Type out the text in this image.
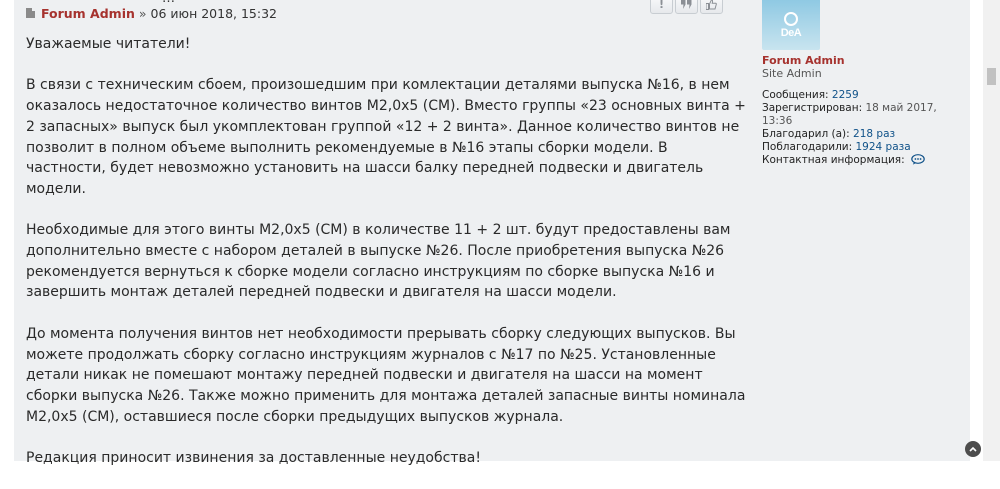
Forum Admin » 06 июн 2018, 15:32
!

Уважаемые читатели!

В связи с техническим сбоем, произошедшим при комлектации деталями выпуска №16, в нем оказалось недостаточное количество винтов М2,0x5 (СМ). Вместо группы «23 основных винта + 2 запасных» выпуск был укомплектован группой «12 + 2 винта». Данное количество винтов не позволит в полном объеме выполнить рекомендуемые в №16 этапы сборки модели. В частности, будет невозможно установить на шасси балку передней подвески и двигатель модели.

Необходимые для этого винты М2,0x5 (СМ) в количестве 11 + 2 шт. будут предоставлены вам дополнительно вместе с набором деталей в выпуске №26. После приобретения выпуска №26 рекомендуется вернуться к сборке модели согласно инструкциям по сборке выпуска №16 и завершить монтаж деталей передней подвески и двигателя на шасси модели.

До момента получения винтов нет необходимости прерывать сборку следующих выпусков. Вы можете продолжать сборку согласно инструкциям журналов с №17 по №25. Установленные детали никак не помешают монтажу передней подвески и двигателя на шасси на момент сборки выпуска №26. Также можно применить для монтажа деталей запасные винты номинала М2,0x5 (СМ), оставшиеся после сборки предыдущих выпусков журнала.

Редакция приносит извинения за доставленные неудобства!

DeA
Forum Admin
Site Admin
Сообщения: 2259
Зарегистрирован: 18 май 2017, 13:36
Благодарил (а): 218 раз
Поблагодарили: 1924 раза
Контактная информация:
